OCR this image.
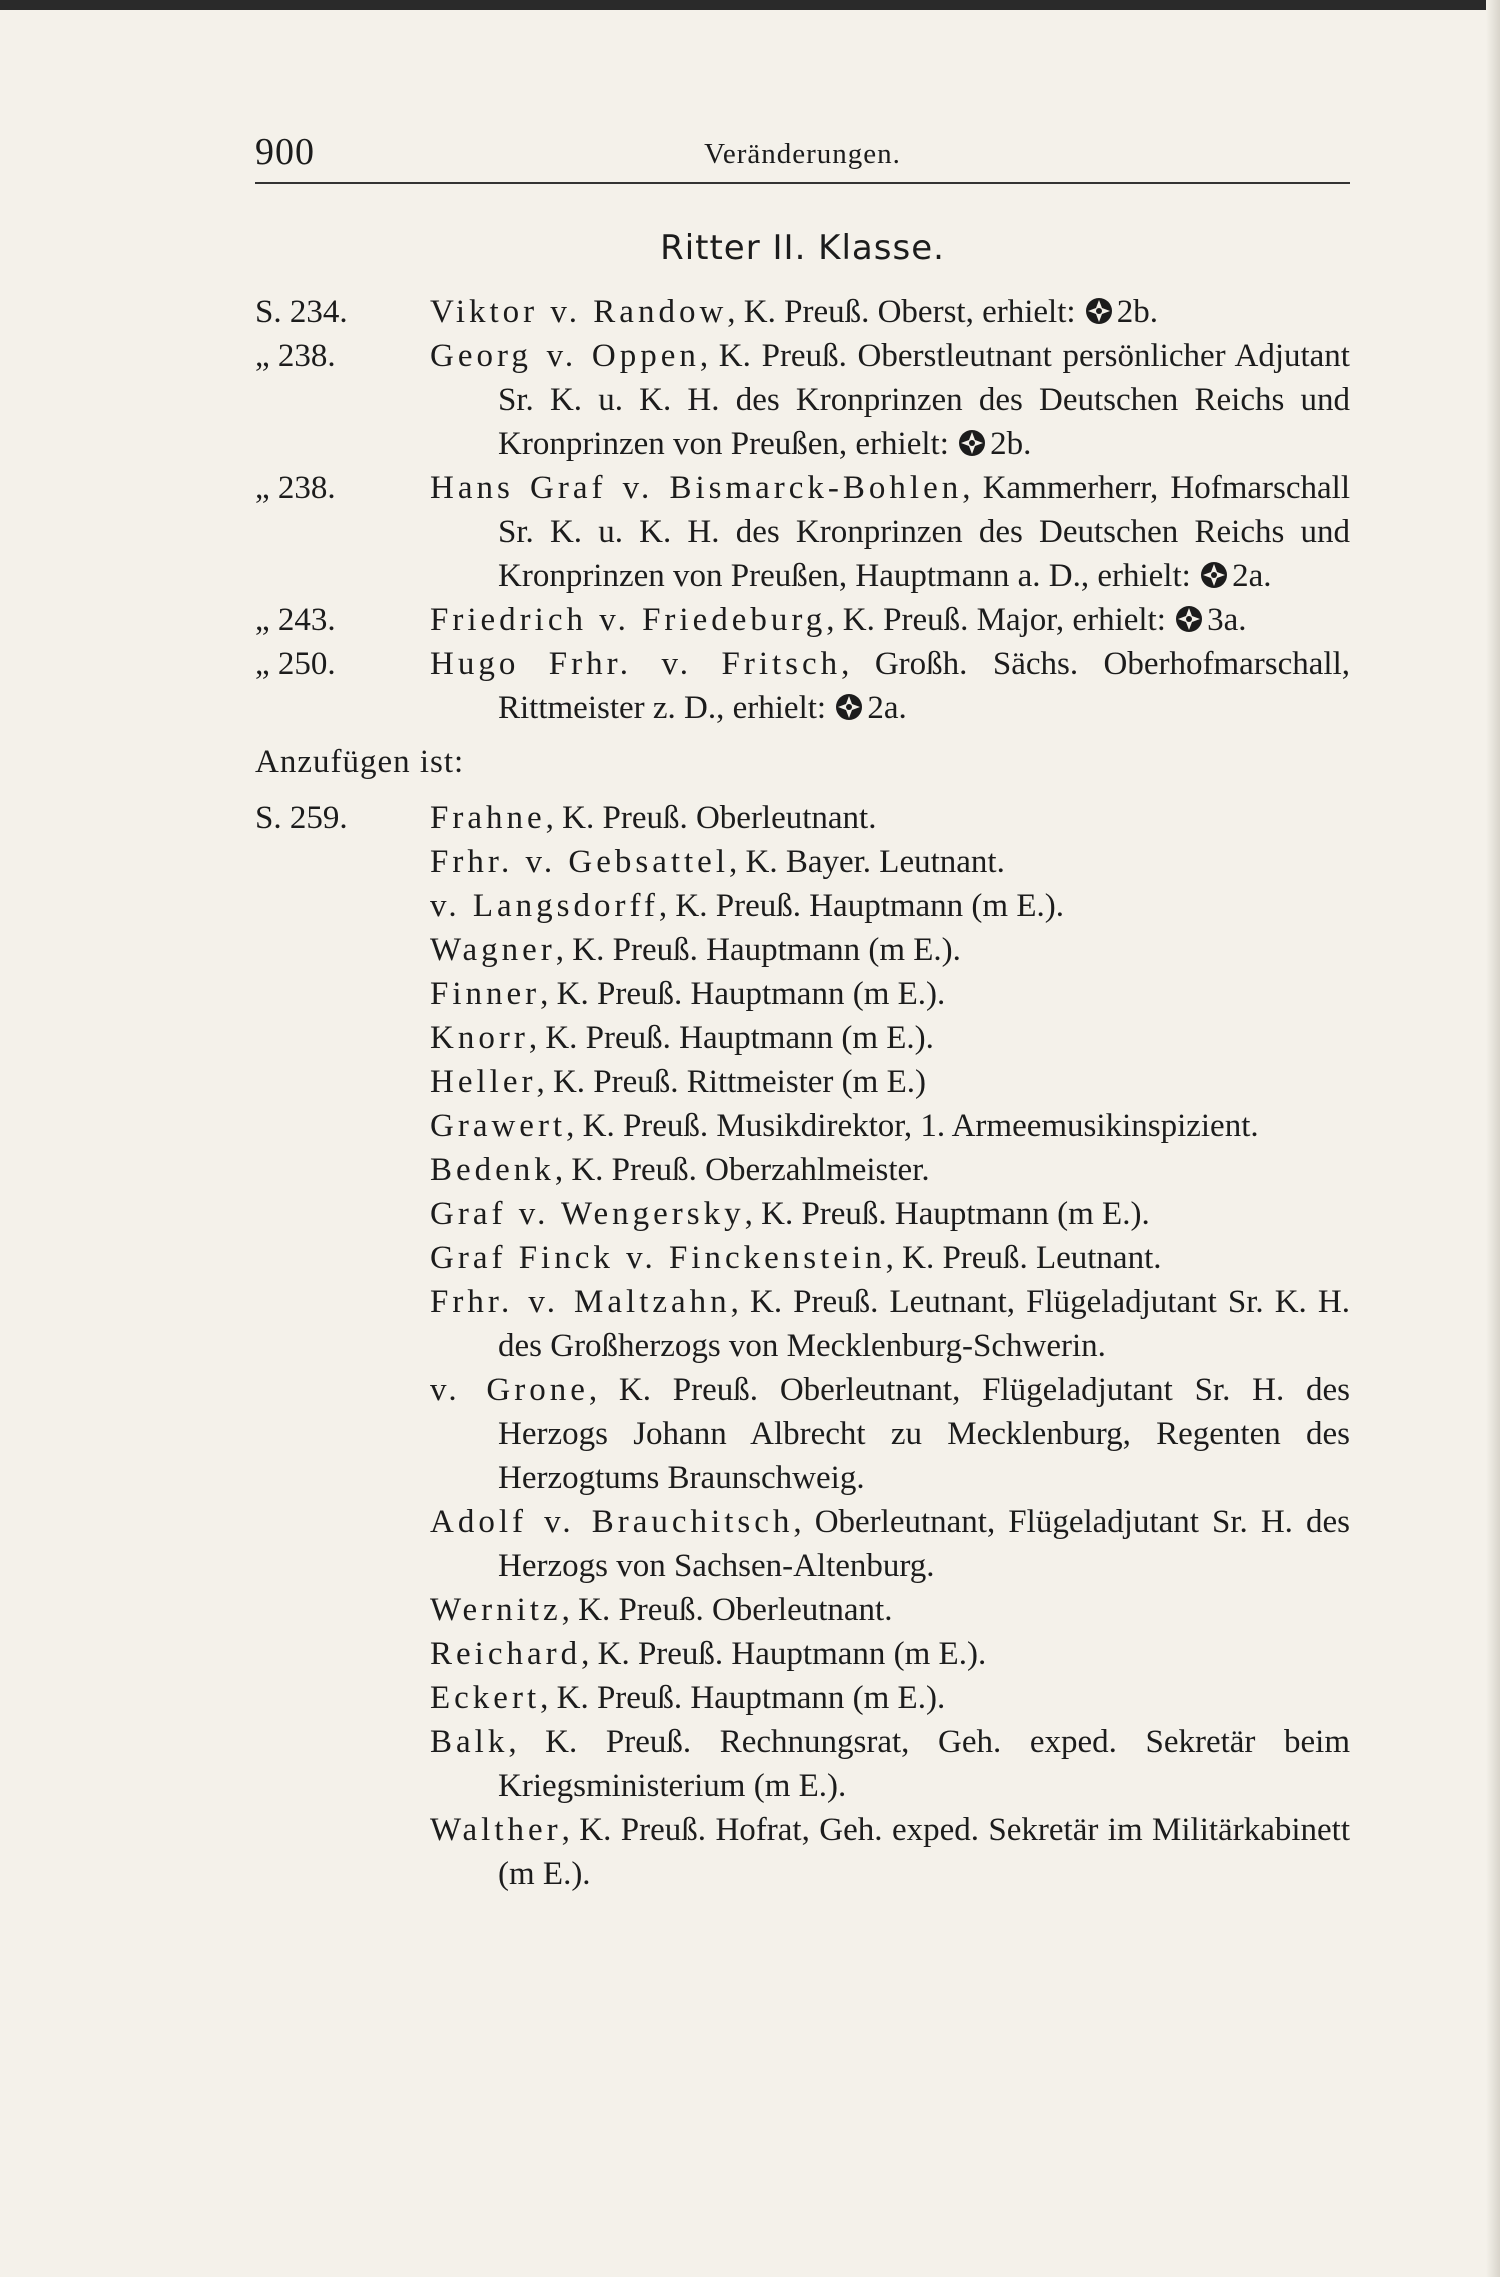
900	Veränderungen.
Ritter II. Klasse.
S. 234.	Viktor v. Randow, K. Preuß. Oberst, erhielt: 2b.
„ 238.	Georg v. Oppen, K. Preuß. Oberstleutnant persönlicher Adjutant Sr. K. u. K. H. des Kronprinzen des Deutschen Reichs und Kronprinzen von Preußen, erhielt: 2b.
„ 238.	Hans Graf v. Bismarck-Bohlen, Kammerherr, Hofmarschall Sr. K. u. K. H. des Kronprinzen des Deutschen Reichs und Kronprinzen von Preußen, Hauptmann a. D., erhielt: 2a.
„ 243.	Friedrich v. Friedeburg, K. Preuß. Major, erhielt: 3a.
„ 250.	Hugo Frhr. v. Fritsch, Großh. Sächs. Oberhofmarschall, Rittmeister z. D., erhielt: 2a.
Anzufügen ist:
S. 259.	Frahne, K. Preuß. Oberleutnant.
Frhr. v. Gebsattel, K. Bayer. Leutnant.
v. Langsdorff, K. Preuß. Hauptmann (m E.).
Wagner, K. Preuß. Hauptmann (m E.).
Finner, K. Preuß. Hauptmann (m E.).
Knorr, K. Preuß. Hauptmann (m E.).
Heller, K. Preuß. Rittmeister (m E.)
Grawert, K. Preuß. Musikdirektor, 1. Armeemusikinspizient.
Bedenk, K. Preuß. Oberzahlmeister.
Graf v. Wengersky, K. Preuß. Hauptmann (m E.).
Graf Finck v. Finckenstein, K. Preuß. Leutnant.
Frhr. v. Maltzahn, K. Preuß. Leutnant, Flügeladjutant Sr. K. H. des Großherzogs von Mecklenburg-Schwerin.
v. Grone, K. Preuß. Oberleutnant, Flügeladjutant Sr. H. des Herzogs Johann Albrecht zu Mecklenburg, Regenten des Herzogtums Braunschweig.
Adolf v. Brauchitsch, Oberleutnant, Flügeladjutant Sr. H. des Herzogs von Sachsen-Altenburg.
Wernitz, K. Preuß. Oberleutnant.
Reichard, K. Preuß. Hauptmann (m E.).
Eckert, K. Preuß. Hauptmann (m E.).
Balk, K. Preuß. Rechnungsrat, Geh. exped. Sekretär beim Kriegsministerium (m E.).
Walther, K. Preuß. Hofrat, Geh. exped. Sekretär im Militärkabinett (m E.).
